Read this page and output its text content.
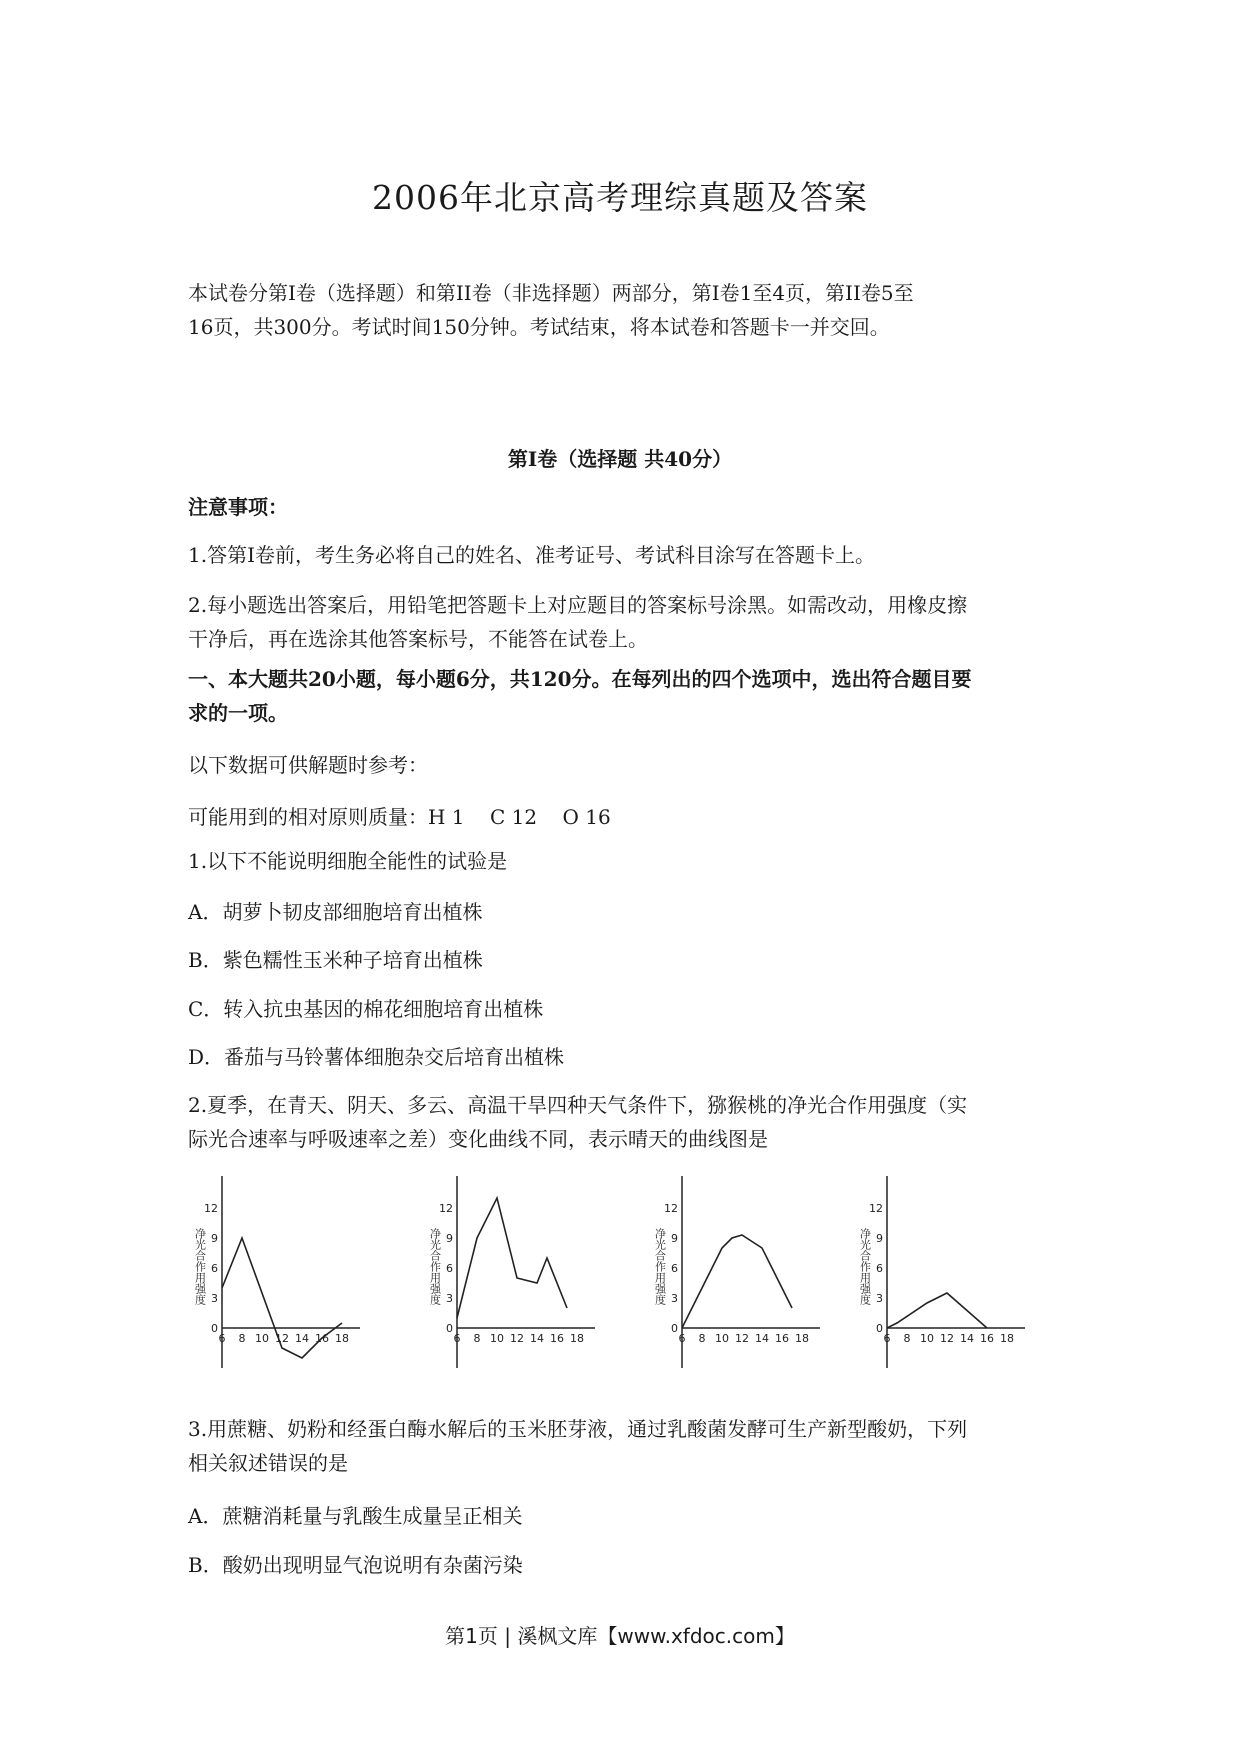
2006年北京高考理综真题及答案
本试卷分第Ⅰ卷（选择题）和第II卷（非选择题）两部分，第Ⅰ卷1至4页，第II卷5至
16页，共300分。考试时间150分钟。考试结束，将本试卷和答题卡一并交回。
第Ⅰ卷（选择题 共40分）
注意事项：
1.答第Ⅰ卷前，考生务必将自己的姓名、准考证号、考试科目涂写在答题卡上。
2.每小题选出答案后，用铅笔把答题卡上对应题目的答案标号涂黑。如需改动，用橡皮擦
干净后，再在选涂其他答案标号，不能答在试卷上。
一、本大题共20小题，每小题6分，共120分。在每列出的四个选项中，选出符合题目要
求的一项。
以下数据可供解题时参考：
可能用到的相对原则质量：H 1    C 12    O 16
1.以下不能说明细胞全能性的试验是
A．胡萝卜韧皮部细胞培育出植株
B．紫色糯性玉米种子培育出植株
C．转入抗虫基因的棉花细胞培育出植株
D．番茄与马铃薯体细胞杂交后培育出植株
2.夏季，在青天、阴天、多云、高温干旱四种天气条件下，猕猴桃的净光合作用强度（实
际光合速率与呼吸速率之差）变化曲线不同，表示晴天的曲线图是
0
3
6
9
12
6 8 10 12 14 16 18
净光合作用强度
0
3
6
9
12
6 8 10 12 14 16 18
净光合作用强度
0
3
6
9
12
6 8 10 12 14 16 18
净光合作用强度
0
3
6
9
12
6 8 10 12 14 16 18
净光合作用强度
3.用蔗糖、奶粉和经蛋白酶水解后的玉米胚芽液，通过乳酸菌发酵可生产新型酸奶，下列
相关叙述错误的是
A．蔗糖消耗量与乳酸生成量呈正相关
B．酸奶出现明显气泡说明有杂菌污染
第1页 | 溪枫文库【www.xfdoc.com】
